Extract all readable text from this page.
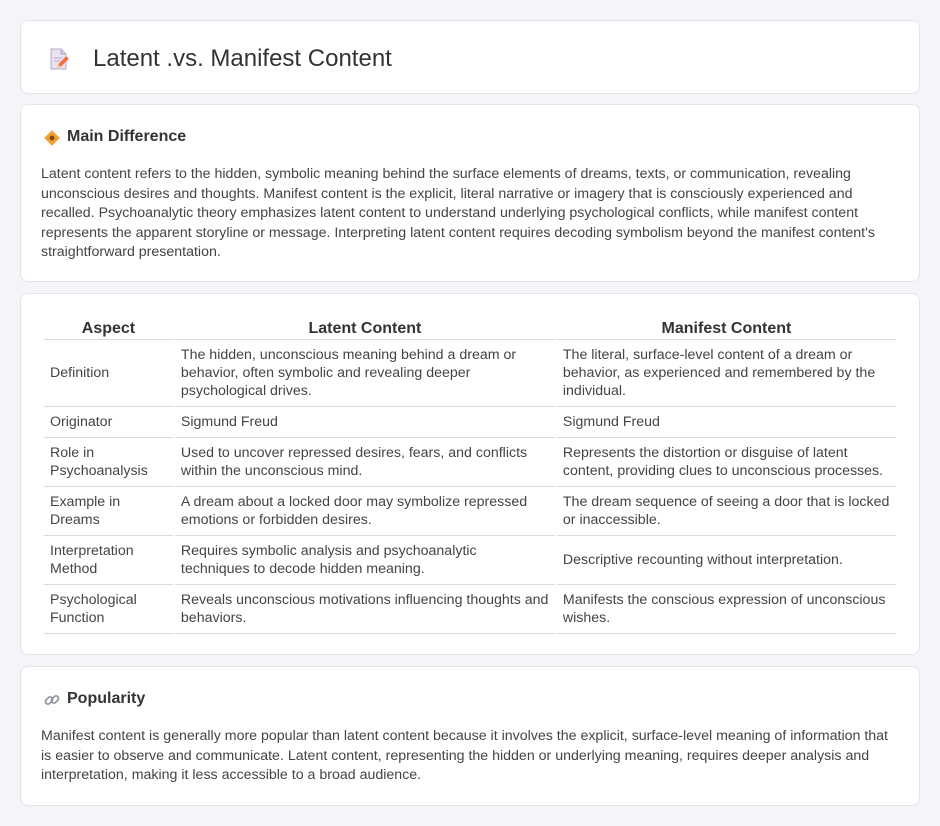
Latent .vs. Manifest Content
Main Difference

Latent content refers to the hidden, symbolic meaning behind the surface elements of dreams, texts, or communication, revealing unconscious desires and thoughts. Manifest content is the explicit, literal narrative or imagery that is consciously experienced and recalled. Psychoanalytic theory emphasizes latent content to understand underlying psychological conflicts, while manifest content represents the apparent storyline or message. Interpreting latent content requires decoding symbolism beyond the manifest content's straightforward presentation.

Aspect	Latent Content	Manifest Content
Definition	The hidden, unconscious meaning behind a dream or behavior, often symbolic and revealing deeper psychological drives.	The literal, surface-level content of a dream or behavior, as experienced and remembered by the individual.
Originator	Sigmund Freud	Sigmund Freud
Role in Psychoanalysis	Used to uncover repressed desires, fears, and conflicts within the unconscious mind.	Represents the distortion or disguise of latent content, providing clues to unconscious processes.
Example in Dreams	A dream about a locked door may symbolize repressed emotions or forbidden desires.	The dream sequence of seeing a door that is locked or inaccessible.
Interpretation Method	Requires symbolic analysis and psychoanalytic techniques to decode hidden meaning.	Descriptive recounting without interpretation.
Psychological Function	Reveals unconscious motivations influencing thoughts and behaviors.	Manifests the conscious expression of unconscious wishes.
Popularity

Manifest content is generally more popular than latent content because it involves the explicit, surface-level meaning of information that is easier to observe and communicate. Latent content, representing the hidden or underlying meaning, requires deeper analysis and interpretation, making it less accessible to a broad audience.
